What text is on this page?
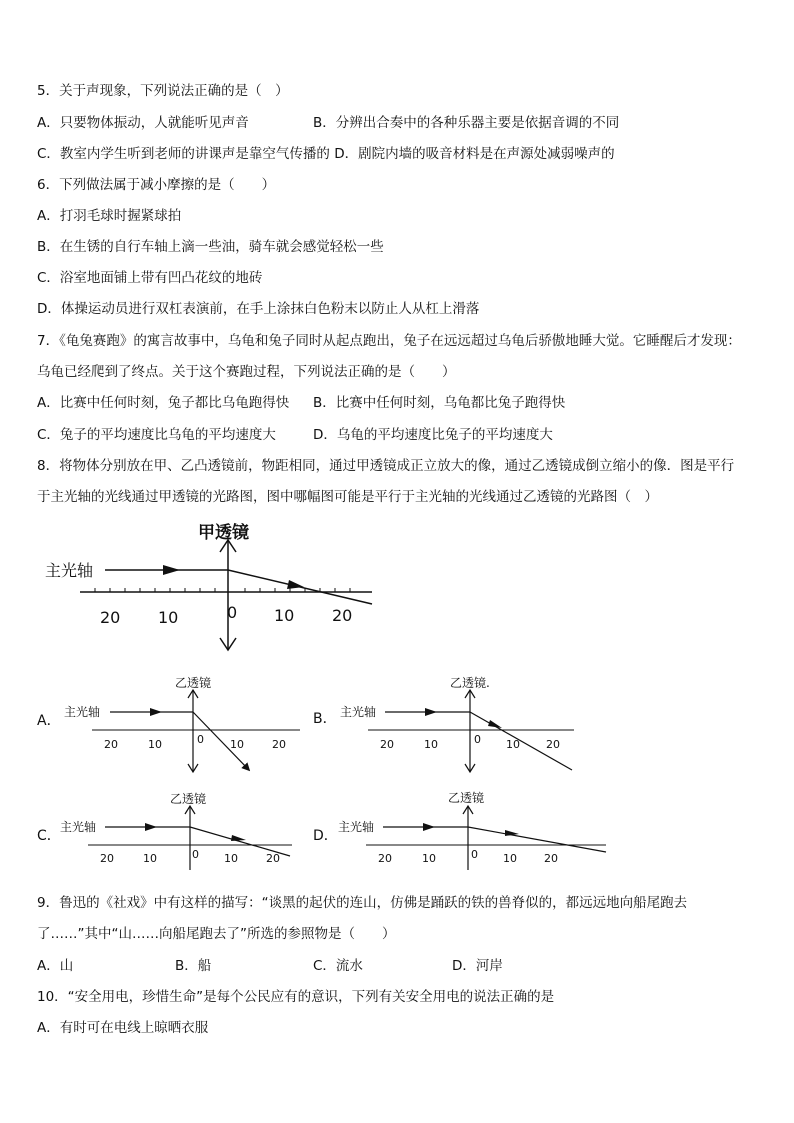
5．关于声现象，下列说法正确的是（　）
A．只要物体振动，人就能听见声音	B．分辨出合奏中的各种乐器主要是依据音调的不同
C．教室内学生听到老师的讲课声是靠空气传播的 D．剧院内墙的吸音材料是在声源处减弱噪声的
6．下列做法属于减小摩擦的是（　　）
A．打羽毛球时握紧球拍
B．在生锈的自行车轴上滴一些油，骑车就会感觉轻松一些
C．浴室地面铺上带有凹凸花纹的地砖
D．体操运动员进行双杠表演前，在手上涂抹白色粉末以防止人从杠上滑落
7．《龟兔赛跑》的寓言故事中，乌龟和兔子同时从起点跑出，兔子在远远超过乌龟后骄傲地睡大觉。它睡醒后才发现：
乌龟已经爬到了终点。关于这个赛跑过程，下列说法正确的是（　　）
A．比赛中任何时刻，兔子都比乌龟跑得快 B．比赛中任何时刻，乌龟都比兔子跑得快
C．兔子的平均速度比乌龟的平均速度大	D．乌龟的平均速度比兔子的平均速度大
8．将物体分别放在甲、乙凸透镜前，物距相同，通过甲透镜成正立放大的像，通过乙透镜成倒立缩小的像．图是平行
于主光轴的光线通过甲透镜的光路图，图中哪幅图可能是平行于主光轴的光线通过乙透镜的光路图（　）
甲透镜
主光轴
20 10	0 10 20
A．
乙透镜
主光轴
20	10	0 10	20
B．
乙透镜.
主光轴
20	10	0 10 20
C．
乙透镜
主光轴
20	10	0 10	20
D．
乙透镜
主光轴
20	10	0 10 20
9．鲁迅的《社戏》中有这样的描写：“谈黑的起伏的连山，仿佛是踊跃的铁的兽脊似的，都远远地向船尾跑去
了……”其中“山……向船尾跑去了”所选的参照物是（　　）
A．山	B．船	C．流水	D．河岸
10．“安全用电，珍惜生命”是每个公民应有的意识，下列有关安全用电的说法正确的是
A．有时可在电线上晾晒衣服
